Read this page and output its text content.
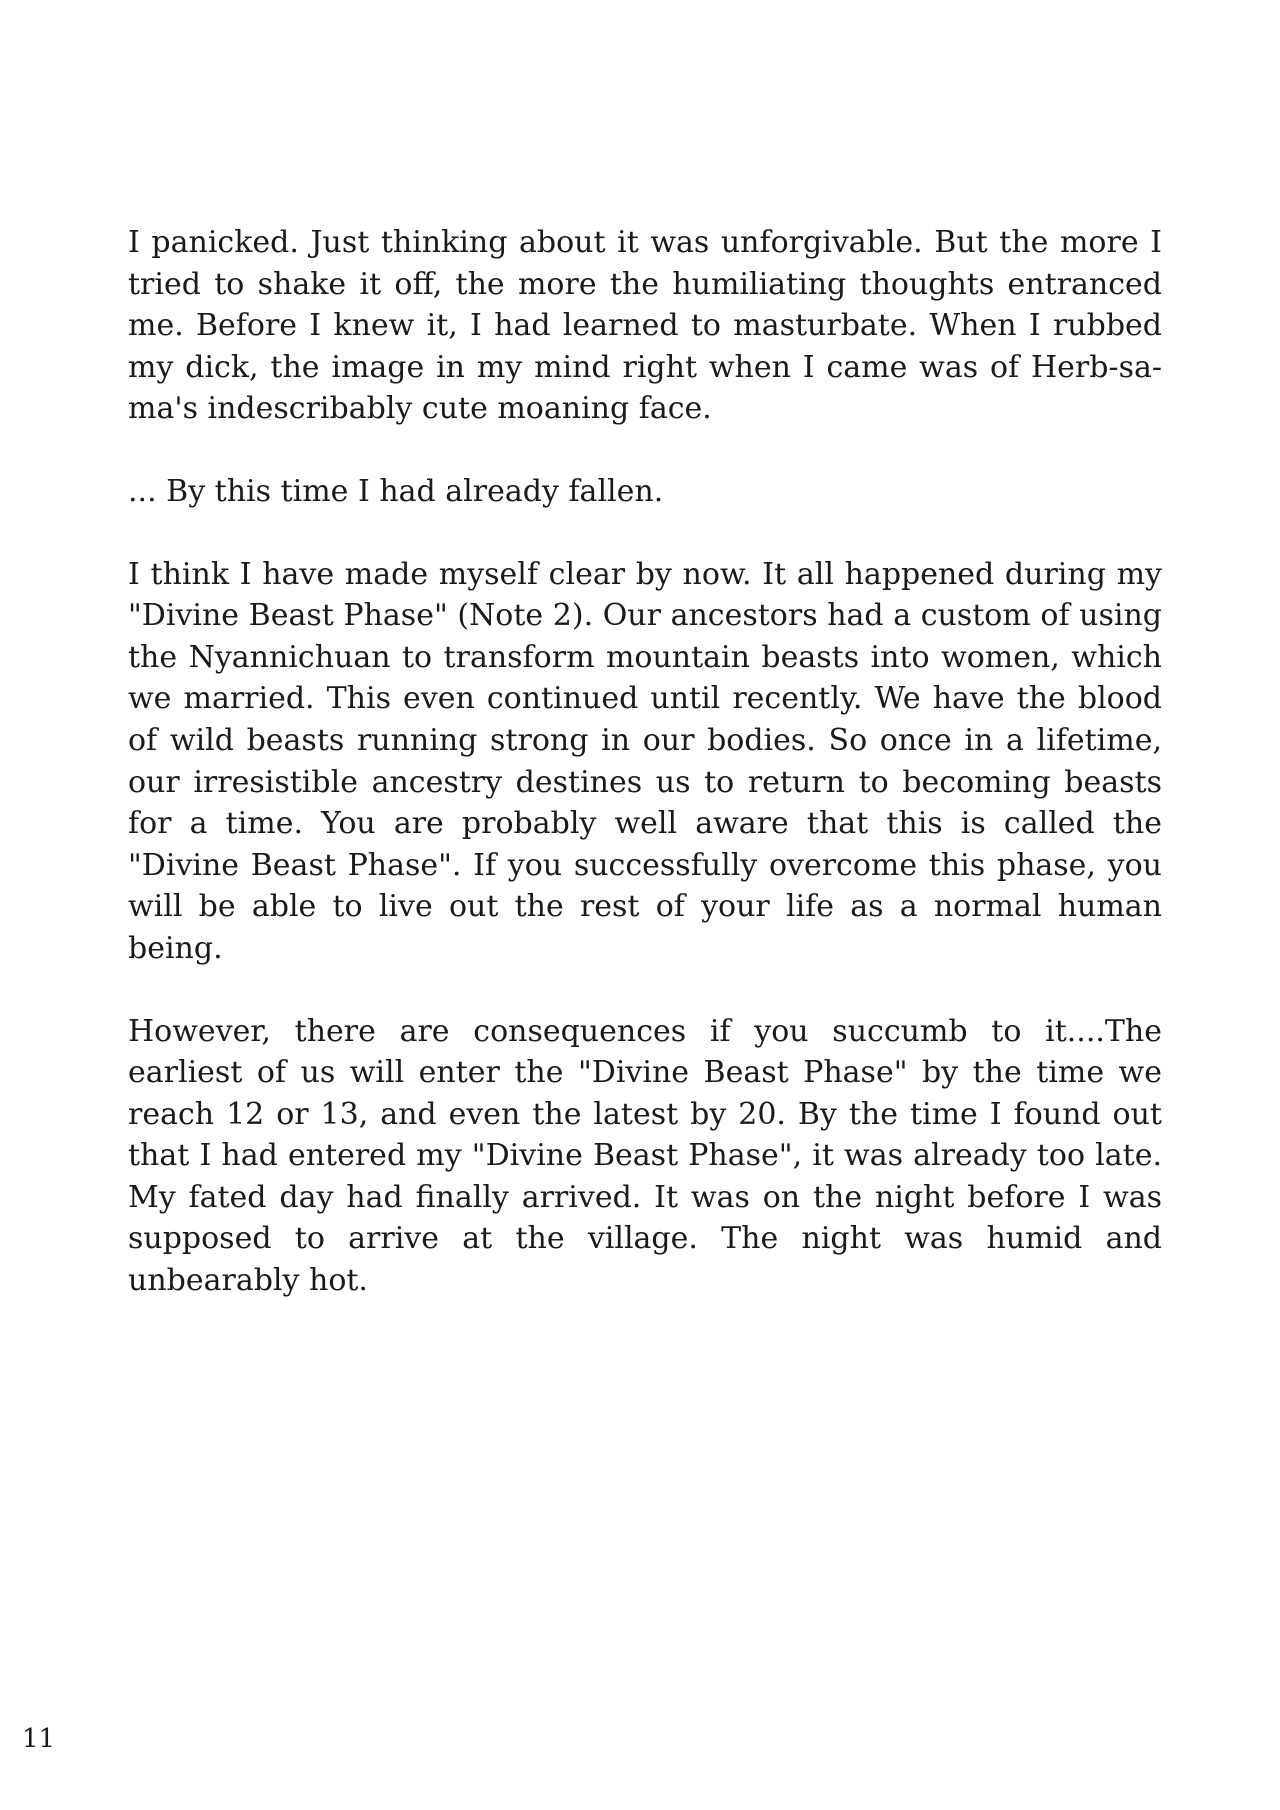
I panicked. Just thinking about it was unforgivable. But the more I tried to shake it off, the more the humiliating thoughts entranced me. Before I knew it, I had learned to masturbate. When I rubbed my dick, the image in my mind right when I came was of Herb-sama's indescribably cute moaning face.

... By this time I had already fallen.

I think I have made myself clear by now. It all happened during my "Divine Beast Phase" (Note 2). Our ancestors had a custom of using the Nyannichuan to transform mountain beasts into women, which we married. This even continued until recently. We have the blood of wild beasts running strong in our bodies. So once in a lifetime, our irresistible ancestry destines us to return to becoming beasts for a time. You are probably well aware that this is called the "Divine Beast Phase". If you successfully overcome this phase, you will be able to live out the rest of your life as a normal human being.

However, there are consequences if you succumb to it....The earliest of us will enter the "Divine Beast Phase" by the time we reach 12 or 13, and even the latest by 20. By the time I found out that I had entered my "Divine Beast Phase", it was already too late. My fated day had finally arrived. It was on the night before I was supposed to arrive at the village. The night was humid and unbearably hot.

11
